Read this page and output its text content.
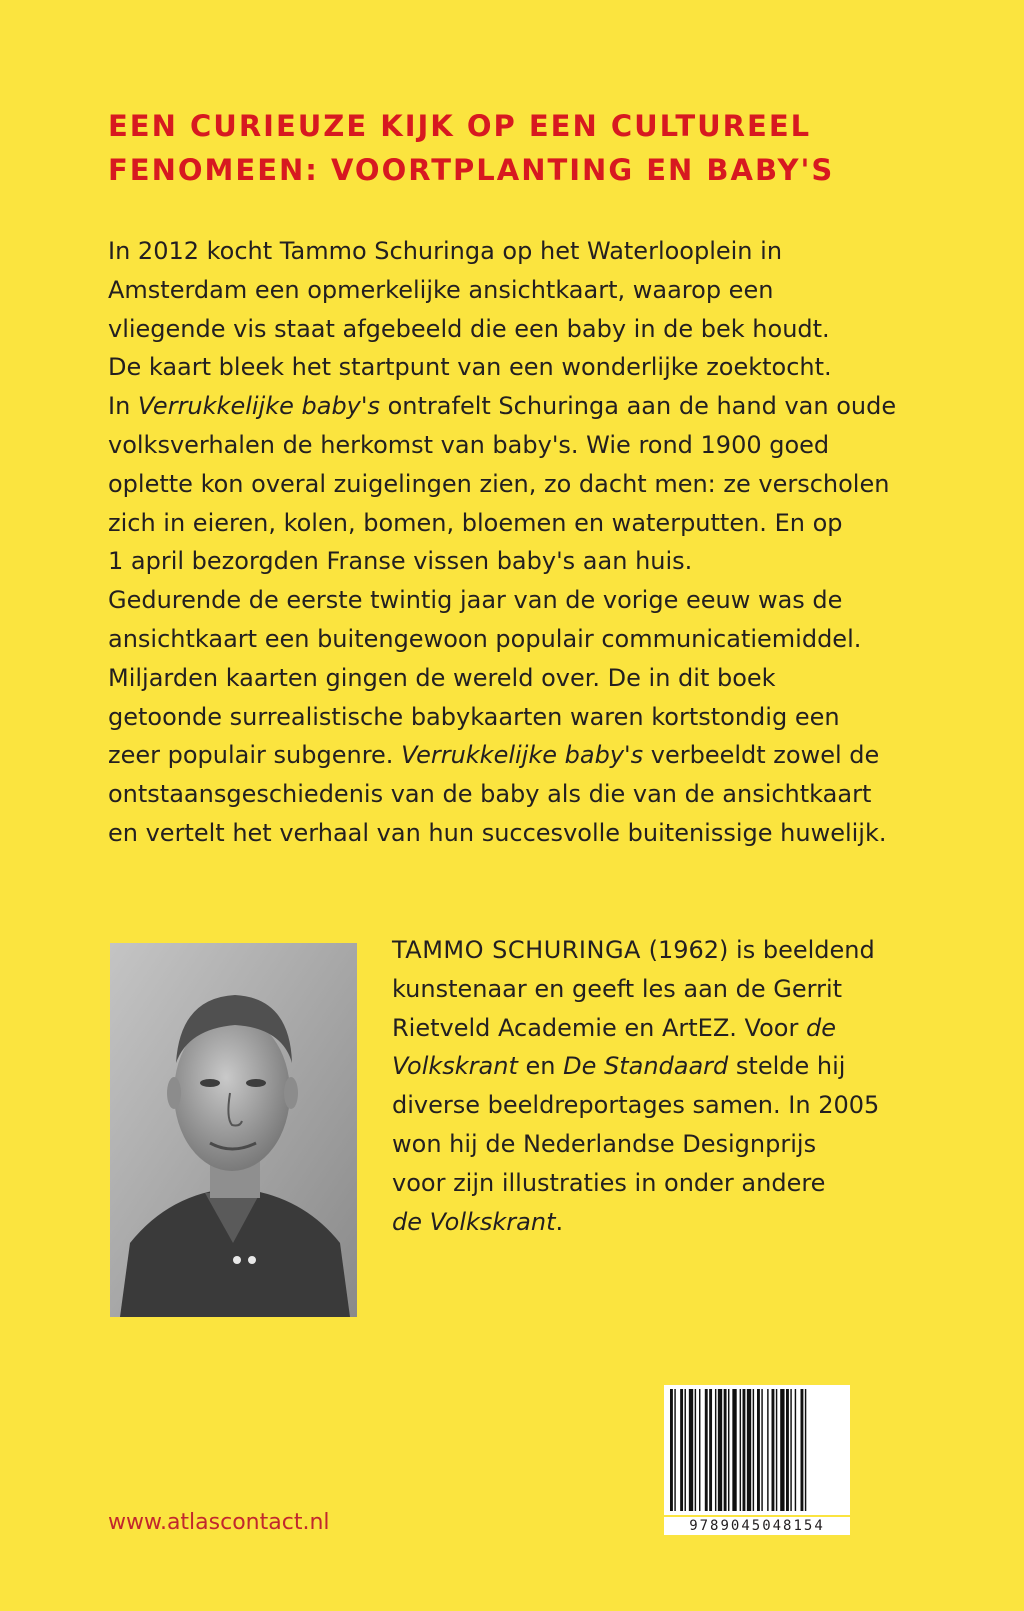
EEN CURIEUZE KIJK OP EEN CULTUREEL
FENOMEEN: VOORTPLANTING EN BABY'S
In 2012 kocht Tammo Schuringa op het Waterlooplein in
Amsterdam een opmerkelijke ansichtkaart, waarop een
vliegende vis staat afgebeeld die een baby in de bek houdt.
De kaart bleek het startpunt van een wonderlijke zoektocht.
In Verrukkelijke baby's ontrafelt Schuringa aan de hand van oude
volksverhalen de herkomst van baby's. Wie rond 1900 goed
oplette kon overal zuigelingen zien, zo dacht men: ze verscholen
zich in eieren, kolen, bomen, bloemen en waterputten. En op
1 april bezorgden Franse vissen baby's aan huis.
Gedurende de eerste twintig jaar van de vorige eeuw was de
ansichtkaart een buitengewoon populair communicatiemiddel.
Miljarden kaarten gingen de wereld over. De in dit boek
getoonde surrealistische babykaarten waren kortstondig een
zeer populair subgenre. Verrukkelijke baby's verbeeldt zowel de
ontstaansgeschiedenis van de baby als die van de ansichtkaart
en vertelt het verhaal van hun succesvolle buitenissige huwelijk.
TAMMO SCHURINGA (1962) is beeldend
kunstenaar en geeft les aan de Gerrit
Rietveld Academie en ArtEZ. Voor de
Volkskrant en De Standaard stelde hij
diverse beeldreportages samen. In 2005
won hij de Nederlandse Designprijs
voor zijn illustraties in onder andere
de Volkskrant.
www.atlascontact.nl	9789045048154
